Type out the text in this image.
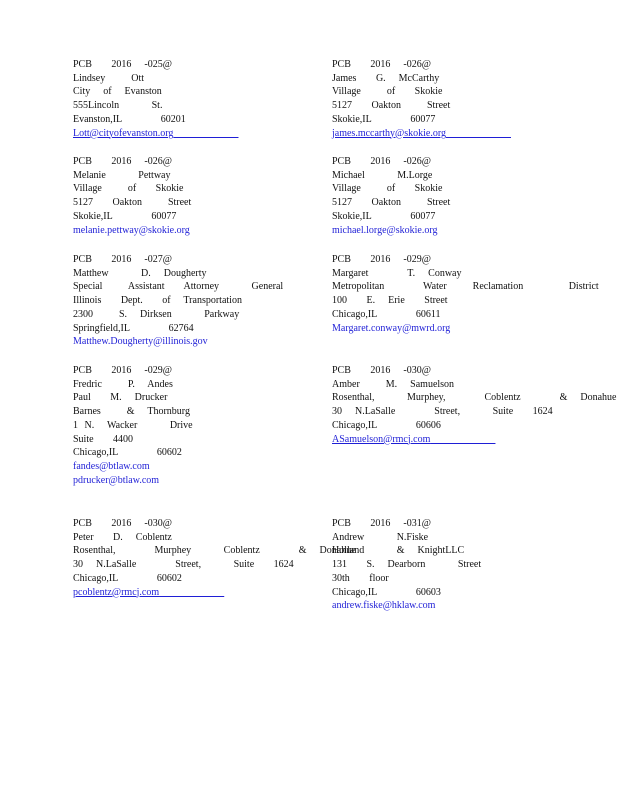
PCB   2016  -025@
Lindsey    Ott
City  of  Evanston
555Lincoln     St.
Evanston,IL      60201
Lott@cityofevanston.org
PCB   2016  -026@
James   G.  McCarthy
Village    of   Skokie
5127   Oakton    Street
Skokie,IL      60077
james.mccarthy@skokie.org
PCB   2016  -026@
Melanie     Pettway
Village    of   Skokie
5127   Oakton    Street
Skokie,IL      60077
melanie.pettway@skokie.org
PCB   2016  -026@
Michael     M.Lorge
Village    of   Skokie
5127   Oakton    Street
Skokie,IL      60077
michael.lorge@skokie.org
PCB   2016  -027@
Matthew     D.  Dougherty
Special    Assistant   Attorney     General
Illinois   Dept.   of  Transportation
2300    S.  Dirksen     Parkway
Springfield,IL      62764
Matthew.Dougherty@illinois.gov
PCB   2016  -029@
Margaret      T.  Conway
Metropolitan      Water    Reclamation       District
100   E.  Erie   Street
Chicago,IL      60611
Margaret.conway@mwrd.org
PCB   2016  -029@
Fredric    P.  Andes
Paul   M.  Drucker
Barnes    &  Thornburg
1 N.  Wacker     Drive
Suite   4400
Chicago,IL      60602
fandes@btlaw.com
pdrucker@btlaw.com
PCB   2016  -030@
Amber    M.  Samuelson
Rosenthal,     Murphey,      Coblentz      &  Donahue
30  N.LaSalle      Street,     Suite   1624
Chicago,IL      60606
ASamuelson@rmcj.com
PCB   2016  -030@
Peter   D.  Coblentz
Rosenthal,      Murphey     Coblentz      &  Donahue
30  N.LaSalle      Street,     Suite   1624
Chicago,IL      60602
pcoblentz@rmcj.com
PCB   2016  -031@
Andrew     N.Fiske
Holland     &  KnightLLC
131   S.  Dearborn     Street
30th   floor
Chicago,IL      60603
andrew.fiske@hklaw.com
